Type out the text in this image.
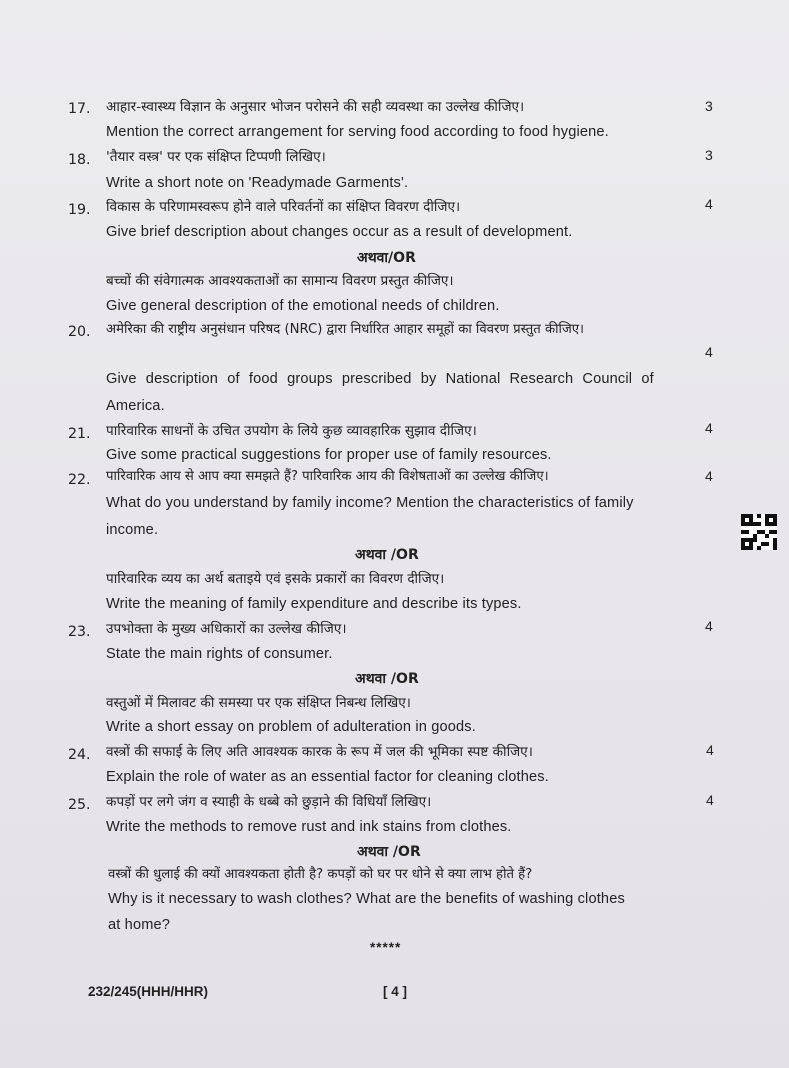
17. आहार-स्वास्थ्य विज्ञान के अनुसार भोजन परोसने की सही व्यवस्था का उल्लेख कीजिए।	3
Mention the correct arrangement for serving food according to food hygiene.
18. 'तैयार वस्त्र' पर एक संक्षिप्त टिप्पणी लिखिए।	3
Write a short note on 'Readymade Garments'.
19. विकास के परिणामस्वरूप होने वाले परिवर्तनों का संक्षिप्त विवरण दीजिए।	4
Give brief description about changes occur as a result of development.
अथवा/OR
बच्चों की संवेगात्मक आवश्यकताओं का सामान्य विवरण प्रस्तुत कीजिए।
Give general description of the emotional needs of children.
20. अमेरिका की राष्ट्रीय अनुसंधान परिषद (NRC) द्वारा निर्धारित आहार समूहों का विवरण प्रस्तुत कीजिए।
4
Give description of food groups prescribed by National Research Council of
America.
21. पारिवारिक साधनों के उचित उपयोग के लिये कुछ व्यावहारिक सुझाव दीजिए।	4
Give some practical suggestions for proper use of family resources.
22. पारिवारिक आय से आप क्या समझते हैं? पारिवारिक आय की विशेषताओं का उल्लेख कीजिए।	4
What do you understand by family income? Mention the characteristics of family
income.
अथवा /OR
पारिवारिक व्यय का अर्थ बताइये एवं इसके प्रकारों का विवरण दीजिए।
Write the meaning of family expenditure and describe its types.
23. उपभोक्ता के मुख्य अधिकारों का उल्लेख कीजिए।	4
State the main rights of consumer.
अथवा /OR
वस्तुओं में मिलावट की समस्या पर एक संक्षिप्त निबन्ध लिखिए।
Write a short essay on problem of adulteration in goods.
24. वस्त्रों की सफाई के लिए अति आवश्यक कारक के रूप में जल की भूमिका स्पष्ट कीजिए।	4
Explain the role of water as an essential factor for cleaning clothes.
25. कपड़ों पर लगे जंग व स्याही के धब्बे को छुड़ाने की विधियाँ लिखिए।	4
Write the methods to remove rust and ink stains from clothes.
अथवा /OR
वस्त्रों की धुलाई की क्यों आवश्यकता होती है? कपड़ों को घर पर धोने से क्या लाभ होते हैं?
Why is it necessary to wash clothes? What are the benefits of washing clothes
at home?
*****
232/245(HHH/HHR)	[ 4 ]
